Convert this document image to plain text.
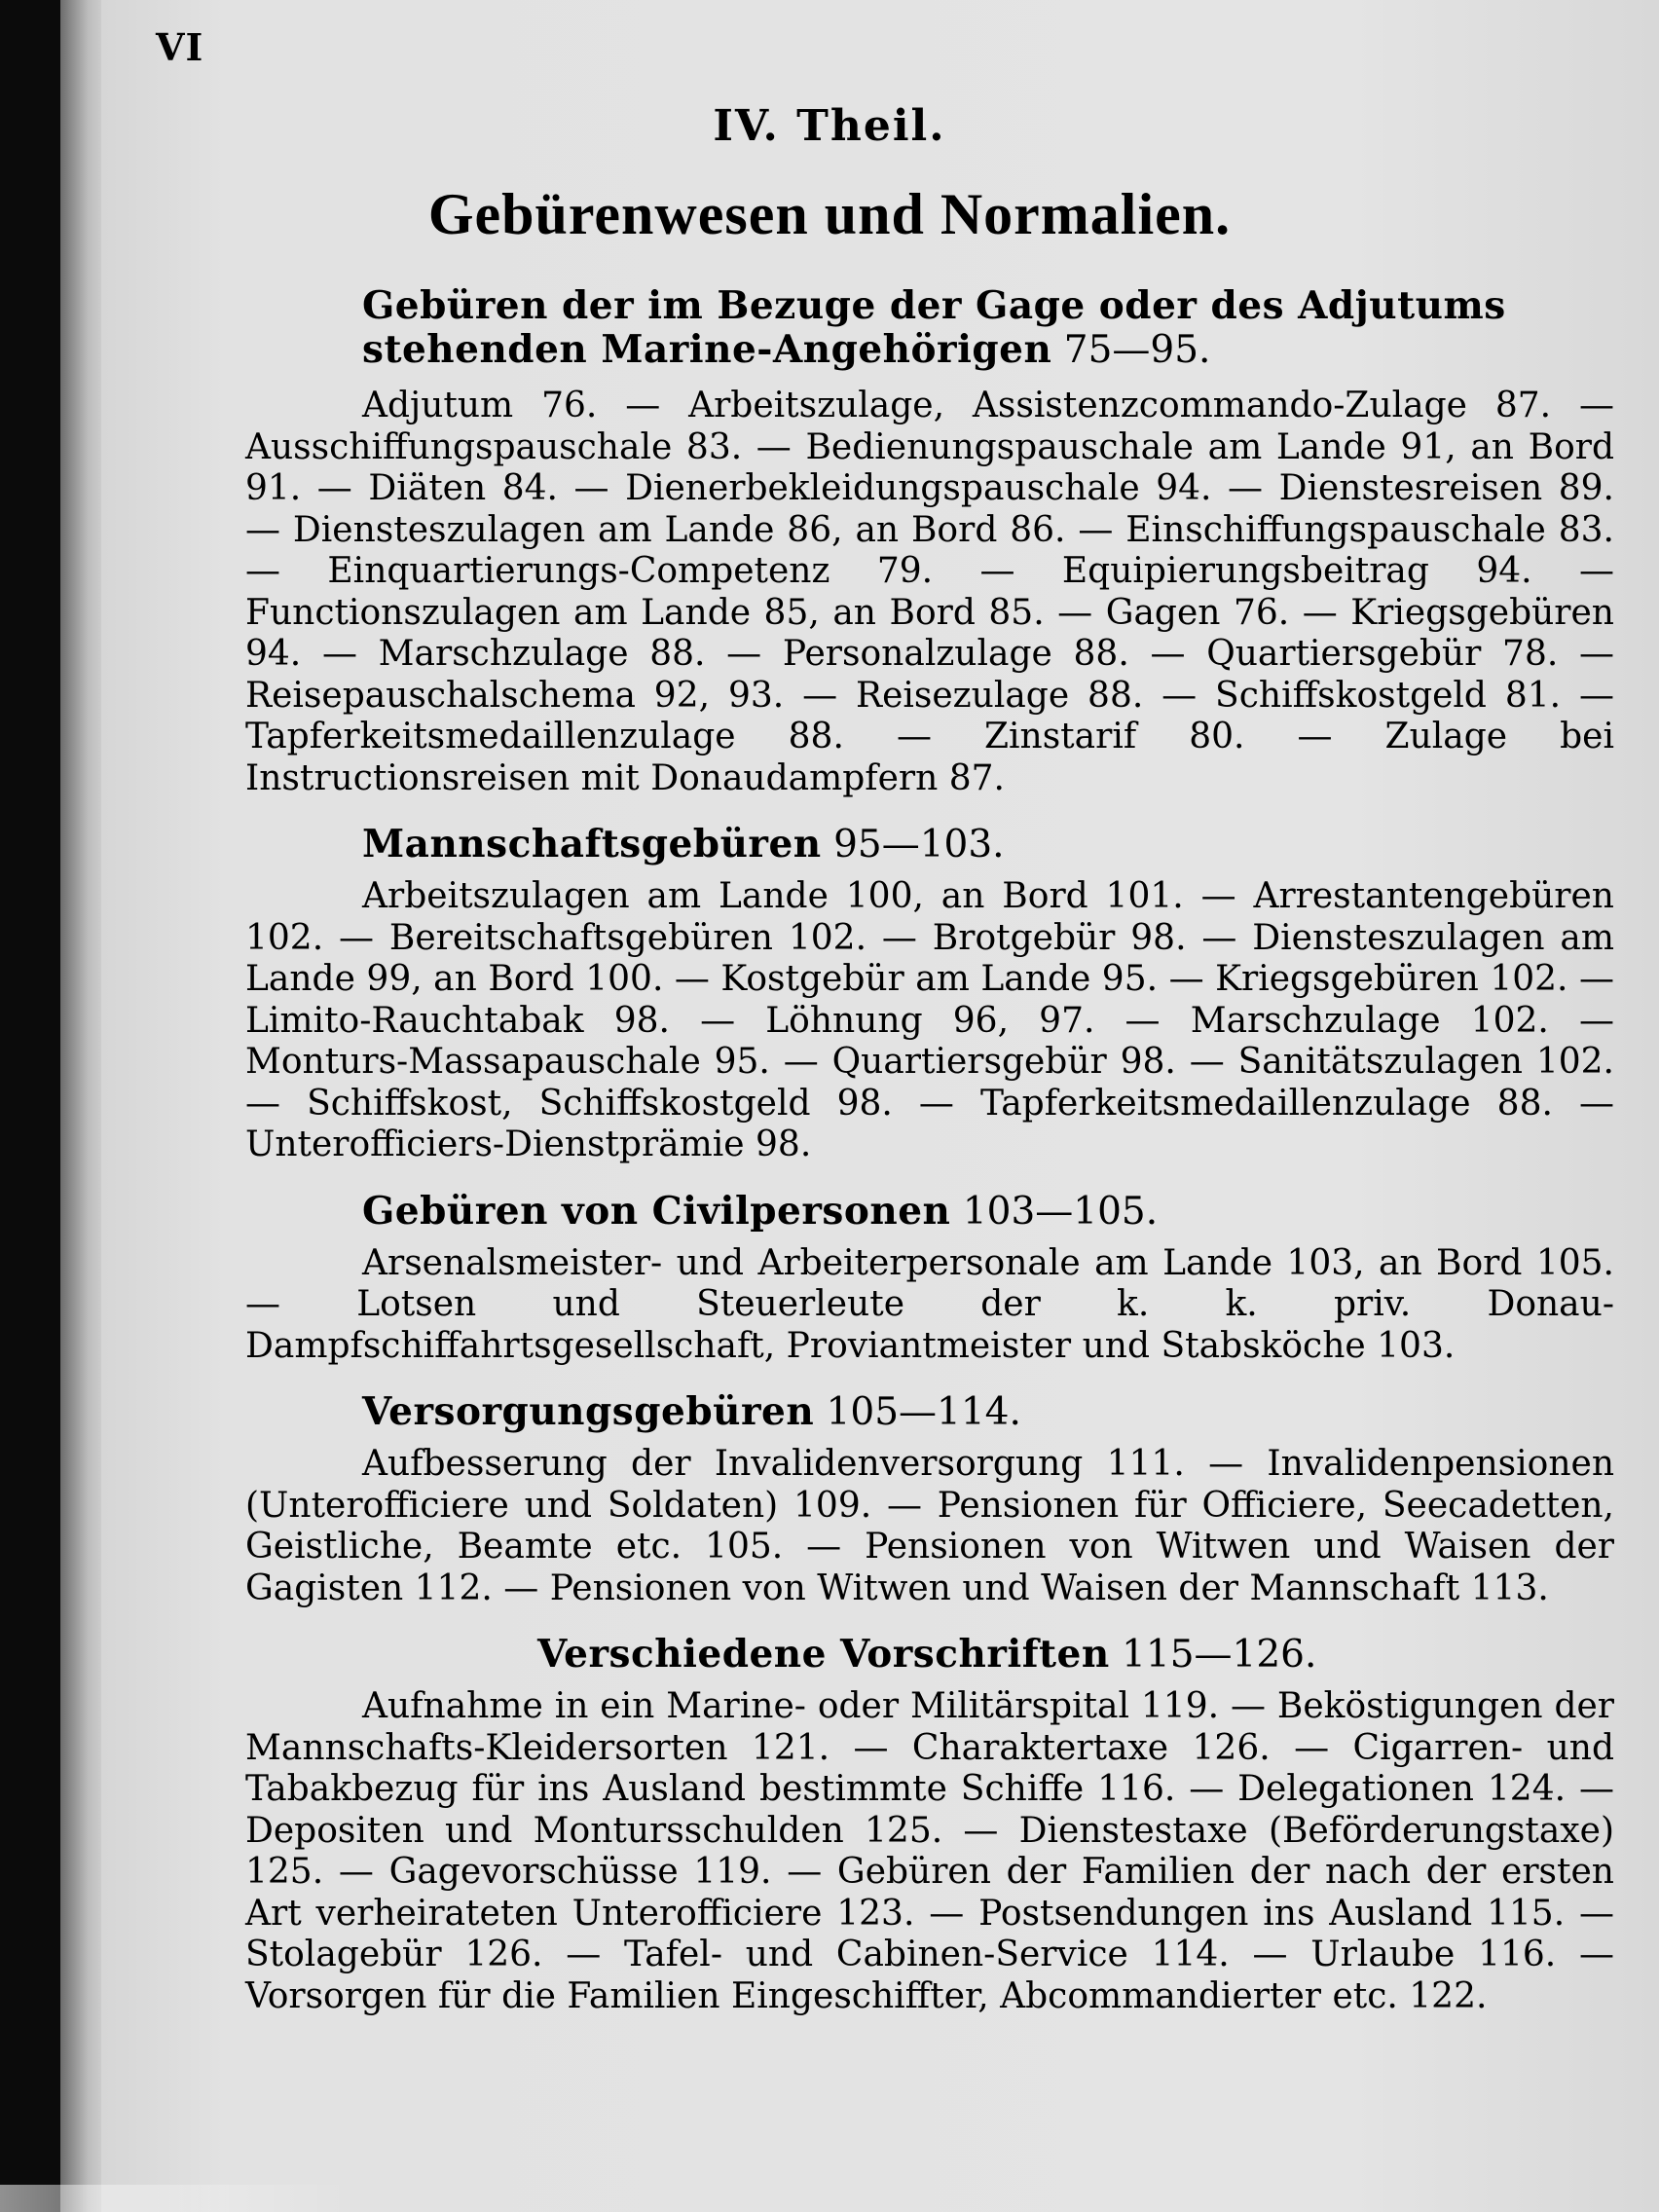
VI
IV. Theil.
Gebürenwesen und Normalien.
Gebüren der im Bezuge der Gage oder des Adjutums stehenden Marine-Angehörigen 75—95.

Adjutum 76. — Arbeitszulage, Assistenzcommando-Zulage 87. — Ausschiffungspauschale 83. — Bedienungspauschale am Lande 91, an Bord 91. — Diäten 84. — Dienerbekleidungspauschale 94. — Dienstesreisen 89. — Diensteszulagen am Lande 86, an Bord 86. — Einschiffungspauschale 83. — Einquartierungs-Competenz 79. — Equipierungsbeitrag 94. — Functionszulagen am Lande 85, an Bord 85. — Gagen 76. — Kriegsgebüren 94. — Marschzulage 88. — Personalzulage 88. — Quartiersgebür 78. — Reisepauschalschema 92, 93. — Reisezulage 88. — Schiffskostgeld 81. — Tapferkeitsmedaillenzulage 88. — Zinstarif 80. — Zulage bei Instructionsreisen mit Donaudampfern 87.

Mannschaftsgebüren 95—103.

Arbeitszulagen am Lande 100, an Bord 101. — Arrestantengebüren 102. — Bereitschaftsgebüren 102. — Brotgebür 98. — Diensteszulagen am Lande 99, an Bord 100. — Kostgebür am Lande 95. — Kriegsgebüren 102. — Limito-Rauchtabak 98. — Löhnung 96, 97. — Marschzulage 102. — Monturs-Massapauschale 95. — Quartiersgebür 98. — Sanitätszulagen 102. — Schiffskost, Schiffskostgeld 98. — Tapferkeitsmedaillenzulage 88. — Unterofficiers-Dienstprämie 98.

Gebüren von Civilpersonen 103—105.

Arsenalsmeister- und Arbeiterpersonale am Lande 103, an Bord 105. — Lotsen und Steuerleute der k. k. priv. Donau-Dampfschiffahrtsgesellschaft, Proviantmeister und Stabsköche 103.

Versorgungsgebüren 105—114.

Aufbesserung der Invalidenversorgung 111. — Invalidenpensionen (Unterofficiere und Soldaten) 109. — Pensionen für Officiere, Seecadetten, Geistliche, Beamte etc. 105. — Pensionen von Witwen und Waisen der Gagisten 112. — Pensionen von Witwen und Waisen der Mannschaft 113.

Verschiedene Vorschriften 115—126.

Aufnahme in ein Marine- oder Militärspital 119. — Beköstigungen der Mannschafts-Kleidersorten 121. — Charaktertaxe 126. — Cigarren- und Tabakbezug für ins Ausland bestimmte Schiffe 116. — Delegationen 124. — Depositen und Montursschulden 125. — Dienstestaxe (Beförderungstaxe) 125. — Gagevorschüsse 119. — Gebüren der Familien der nach der ersten Art verheirateten Unterofficiere 123. — Postsendungen ins Ausland 115. — Stolagebür 126. — Tafel- und Cabinen-Service 114. — Urlaube 116. — Vorsorgen für die Familien Eingeschiffter, Abcommandierter etc. 122.
